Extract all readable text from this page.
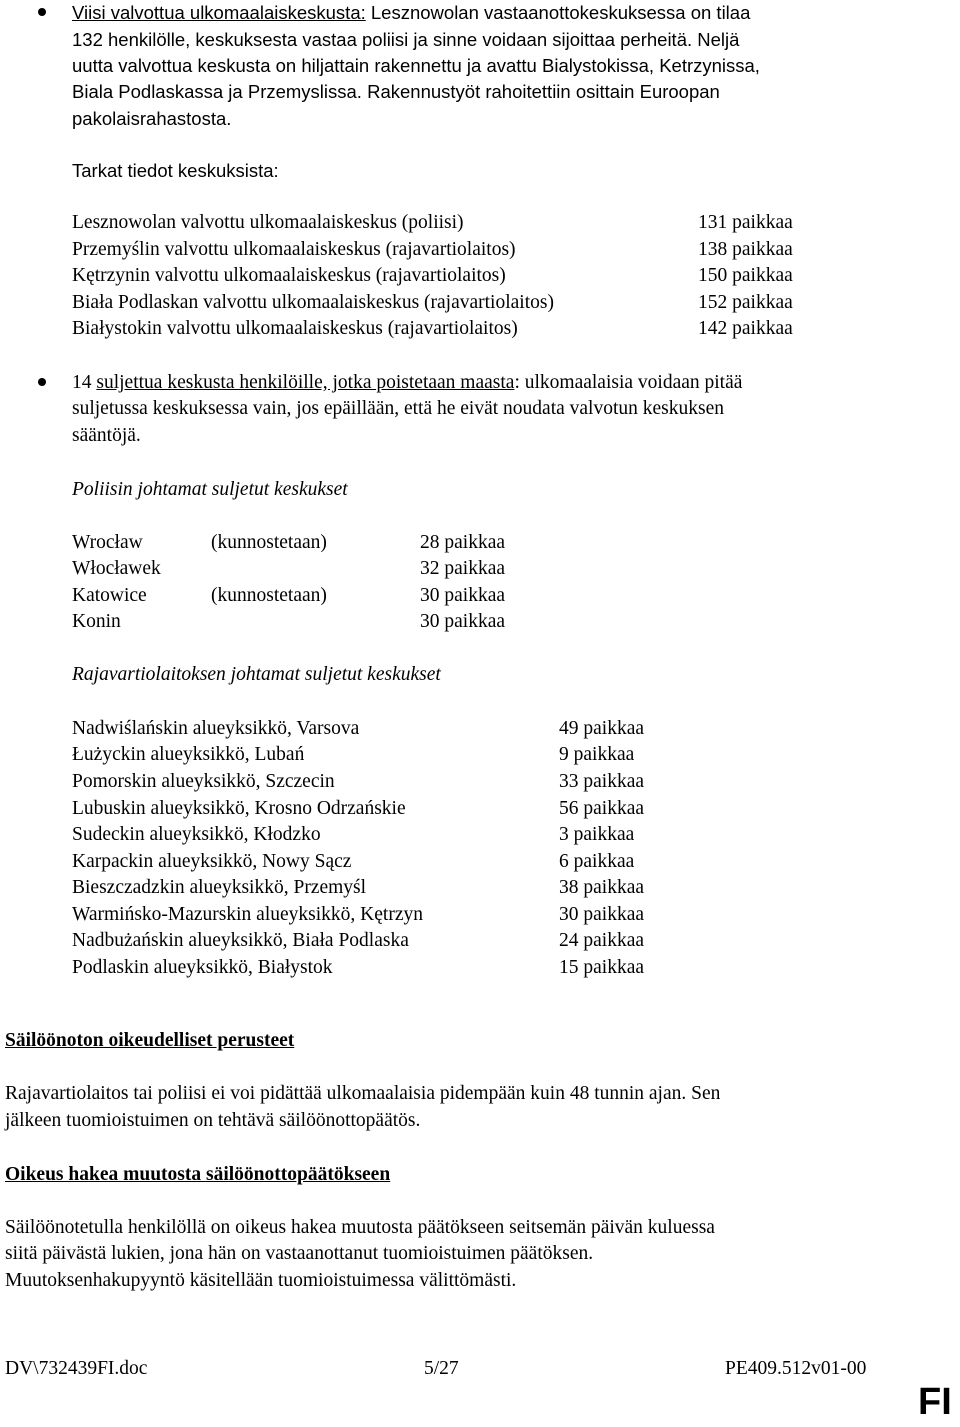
Viisi valvottua ulkomaalaiskeskusta: Lesznowolan vastaanottokeskuksessa on tilaa
132 henkilölle, keskuksesta vastaa poliisi ja sinne voidaan sijoittaa perheitä. Neljä
uutta valvottua keskusta on hiljattain rakennettu ja avattu Bialystokissa, Ketrzynissa,
Biala Podlaskassa ja Przemyslissa. Rakennustyöt rahoitettiin osittain Euroopan
pakolaisrahastosta.
Tarkat tiedot keskuksista:
Lesznowolan valvottu ulkomaalaiskeskus (poliisi)	131 paikkaa
Przemyślin valvottu ulkomaalaiskeskus (rajavartiolaitos)	138 paikkaa
Kętrzynin valvottu ulkomaalaiskeskus (rajavartiolaitos)	150 paikkaa
Biała Podlaskan valvottu ulkomaalaiskeskus (rajavartiolaitos)	152 paikkaa
Białystokin valvottu ulkomaalaiskeskus (rajavartiolaitos)	142 paikkaa
14 suljettua keskusta henkilöille, jotka poistetaan maasta: ulkomaalaisia voidaan pitää
suljetussa keskuksessa vain, jos epäillään, että he eivät noudata valvotun keskuksen
sääntöjä.
Poliisin johtamat suljetut keskukset
Wrocław	(kunnostetaan)	28 paikkaa
Włocławek	32 paikkaa
Katowice	(kunnostetaan)	30 paikkaa
Konin	30 paikkaa
Rajavartiolaitoksen johtamat suljetut keskukset
Nadwiślańskin alueyksikkö, Varsova	49 paikkaa
Łużyckin alueyksikkö, Lubań	9 paikkaa
Pomorskin alueyksikkö, Szczecin	33 paikkaa
Lubuskin alueyksikkö, Krosno Odrzańskie	56 paikkaa
Sudeckin alueyksikkö, Kłodzko	3 paikkaa
Karpackin alueyksikkö, Nowy Sącz	6 paikkaa
Bieszczadzkin alueyksikkö, Przemyśl	38 paikkaa
Warmińsko-Mazurskin alueyksikkö, Kętrzyn	30 paikkaa
Nadbużańskin alueyksikkö, Biała Podlaska	24 paikkaa
Podlaskin alueyksikkö, Białystok	15 paikkaa
Säilöönoton oikeudelliset perusteet
Rajavartiolaitos tai poliisi ei voi pidättää ulkomaalaisia pidempään kuin 48 tunnin ajan. Sen
jälkeen tuomioistuimen on tehtävä säilöönottopäätös.
Oikeus hakea muutosta säilöönottopäätökseen
Säilöönotetulla henkilöllä on oikeus hakea muutosta päätökseen seitsemän päivän kuluessa
siitä päivästä lukien, jona hän on vastaanottanut tuomioistuimen päätöksen.
Muutoksenhakupyyntö käsitellään tuomioistuimessa välittömästi.
DV\732439FI.doc	5/27	PE409.512v01-00
FI
